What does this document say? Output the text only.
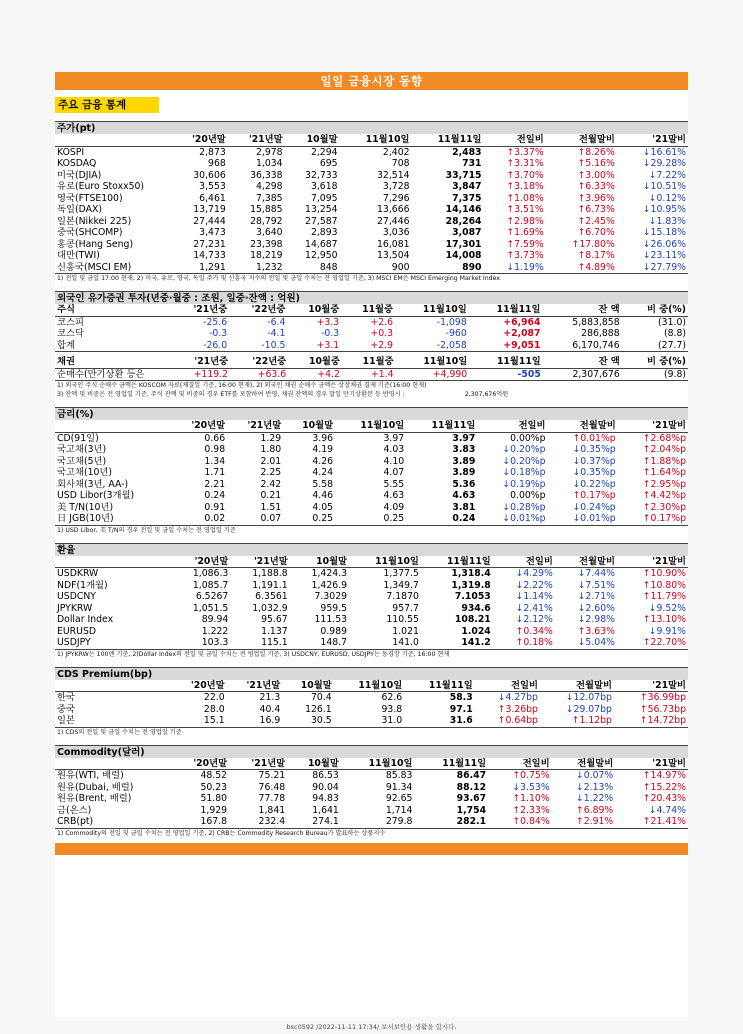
일일 금융시장 동향
주요 금융 통계
주가(pt)
	'20년말	'21년말	10월말	11월10일	11월11일	전일비	전월말비	'21말비
KOSPI	2,873	2,978	2,294	2,402	2,483	↑3.37%	↑8.26%	↓16.61%
KOSDAQ	968	1,034	695	708	731	↑3.31%	↑5.16%	↓29.28%
미국(DJIA)	30,606	36,338	32,733	32,514	33,715	↑3.70%	↑3.00%	↓7.22%
유로(Euro Stoxx50)	3,553	4,298	3,618	3,728	3,847	↑3.18%	↑6.33%	↓10.51%
영국(FTSE100)	6,461	7,385	7,095	7,296	7,375	↑1.08%	↑3.96%	↓0.12%
독일(DAX)	13,719	15,885	13,254	13,666	14,146	↑3.51%	↑6.73%	↓10.95%
일본(Nikkei 225)	27,444	28,792	27,587	27,446	28,264	↑2.98%	↑2.45%	↓1.83%
중국(SHCOMP)	3,473	3,640	2,893	3,036	3,087	↑1.69%	↑6.70%	↓15.18%
홍콩(Hang Seng)	27,231	23,398	14,687	16,081	17,301	↑7.59%	↑17.80%	↓26.06%
대만(TWI)	14,733	18,219	12,950	13,504	14,008	↑3.73%	↑8.17%	↓23.11%
신흥국(MSCI EM)	1,291	1,232	848	900	890	↓1.19%	↑4.89%	↓27.79%
1) 전일 및 금일 17:00 현재, 2) 미국, 유로, 영국, 독일 주가 및 신흥국 지수의 전일 및 금일 수치는 전 영업일 기준, 3) MSCI EM은 MSCI Emerging Market Index
외국인 유가증권 투자(년중·월중 : 조원, 일중·잔액 : 억원)
주식	'21년중	'22년중	10월중	11월중	11월10일	11월11일	잔 액	비 중(%)
코스피	-25.6	-6.4	+3.3	+2.6	-1,098	+6,964	5,883,858	(31.0)
코스닥	-0.3	-4.1	-0.3	+0.3	-960	+2,087	286,888	(8.8)
합계	-26.0	-10.5	+3.1	+2.9	-2,058	+9,051	6,170,746	(27.7)
채권	'21년중	'22년중	10월중	11월중	11월10일	11월11일	잔 액	비 중(%)
순매수(만기상환 등은	+119.2	+63.6	+4.2	+1.4	+4,990	-505	2,307,676	(9.8)
1) 외국인 주식 순매수 금액은 KOSCOM 자료(체결일 기준, 16:00 현재), 2) 외국인 채권 순매수 금액은 상장채권 결제 기준(16:00 현재)
3) 잔액 및 비중은 전 영업일 기준, 주식 잔액 및 비중의 경우 ETF를 포함하여 반영, 채권 잔액의 경우 말일 만기상환분 등 반영시 :	2,307,676억원
금리(%)
	'20년말	'21년말	10월말	11월10일	11월11일	전일비	전월말비	'21말비
CD(91일)	0.66	1.29	3.96	3.97	3.97	0.00%p	↑0.01%p	↑2.68%p
국고채(3년)	0.98	1.80	4.19	4.03	3.83	↓0.20%p	↓0.35%p	↑2.04%p
국고채(5년)	1.34	2.01	4.26	4.10	3.89	↓0.20%p	↓0.37%p	↑1.88%p
국고채(10년)	1.71	2.25	4.24	4.07	3.89	↓0.18%p	↓0.35%p	↑1.64%p
회사채(3년, AA-)	2.21	2.42	5.58	5.55	5.36	↓0.19%p	↓0.22%p	↑2.95%p
USD Libor(3개월)	0.24	0.21	4.46	4.63	4.63	0.00%p	↑0.17%p	↑4.42%p
美 T/N(10년)	0.91	1.51	4.05	4.09	3.81	↓0.28%p	↓0.24%p	↑2.30%p
日 JGB(10년)	0.02	0.07	0.25	0.25	0.24	↓0.01%p	↓0.01%p	↑0.17%p
1) USD Libor, 美 T/N의 경우 전일 및 금일 수치는 전 영업일 기준
환율
	'20년말	'21년말	10월말	11월10일	11월11일	전일비	전월말비	'21말비
USDKRW	1,086.3	1,188.8	1,424.3	1,377.5	1,318.4	↓4.29%	↓7.44%	↑10.90%
NDF(1개월)	1,085.7	1,191.1	1,426.9	1,349.7	1,319.8	↓2.22%	↓7.51%	↑10.80%
USDCNY	6.5267	6.3561	7.3029	7.1870	7.1053	↓1.14%	↓2.71%	↑11.79%
JPYKRW	1,051.5	1,032.9	959.5	957.7	934.6	↓2.41%	↓2.60%	↓9.52%
Dollar Index	89.94	95.67	111.53	110.55	108.21	↓2.12%	↓2.98%	↑13.10%
EURUSD	1.222	1.137	0.989	1.021	1.024	↑0.34%	↑3.63%	↓9.91%
USDJPY	103.3	115.1	148.7	141.0	141.2	↑0.18%	↓5.04%	↑22.70%
1) JPYKRW는 100엔 기준, 2)Dollar Index의 전일 및 금일 수치는 전 영업일 기준, 3) USDCNY, EURUSD, USDJPY는 동경장 기준, 16:00 현재
CDS Premium(bp)
	'20년말	'21년말	10월말	11월10일	11월11일	전일비	전월말비	'21말비
한국	22.0	21.3	70.4	62.6	58.3	↓4.27bp	↓12.07bp	↑36.99bp
중국	28.0	40.4	126.1	93.8	97.1	↑3.26bp	↓29.07bp	↑56.73bp
일본	15.1	16.9	30.5	31.0	31.6	↑0.64bp	↑1.12bp	↑14.72bp
1) CDS의 전일 및 금일 수치는 전 영업일 기준
Commodity(달러)
	'20년말	'21년말	10월말	11월10일	11월11일	전일비	전월말비	'21말비
원유(WTI, 배럴)	48.52	75.21	86.53	85.83	86.47	↑0.75%	↓0.07%	↑14.97%
원유(Dubai, 배럴)	50.23	76.48	90.04	91.34	88.12	↓3.53%	↓2.13%	↑15.22%
원유(Brent, 배럴)	51.80	77.78	94.83	92.65	93.67	↑1.10%	↓1.22%	↑20.43%
금(온스)	1,929	1,841	1,641	1,714	1,754	↑2.33%	↑6.89%	↓4.74%
CRB(pt)	167.8	232.4	274.1	279.8	282.1	↑0.84%	↑2.91%	↑21.41%
1) Commodity의 전일 및 금일 수치는 전 영업일 기준, 2) CRB는 Commodity Research Bureau가 발표하는 상품지수
bsc0592 /2022-11-11 17:34/ 보서보안용 생활을 합시다.
